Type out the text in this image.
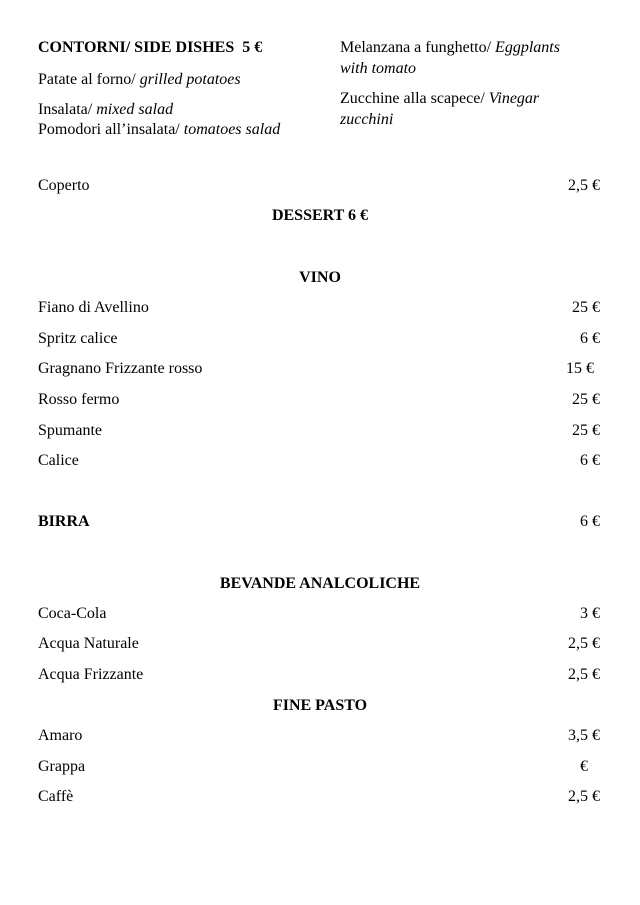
CONTORNI/ SIDE DISHES 5 €
Patate al forno/ grilled potatoes
Insalata/ mixed salad
Pomodori all’insalata/ tomatoes salad
Melanzana a funghetto/ Eggplants
with tomato
Zucchine alla scapece/ Vinegar
zucchini
Coperto	2,5 €
DESSERT 6 €
VINO
Fiano di Avellino	25 €
Spritz calice	6 €
Gragnano Frizzante rosso	15 €
Rosso fermo	25 €
Spumante	25 €
Calice	6 €
BIRRA	6 €
BEVANDE ANALCOLICHE
Coca-Cola	3 €
Acqua Naturale	2,5 €
Acqua Frizzante	2,5 €
FINE PASTO
Amaro	3,5 €
Grappa	€
Caffè	2,5 €
